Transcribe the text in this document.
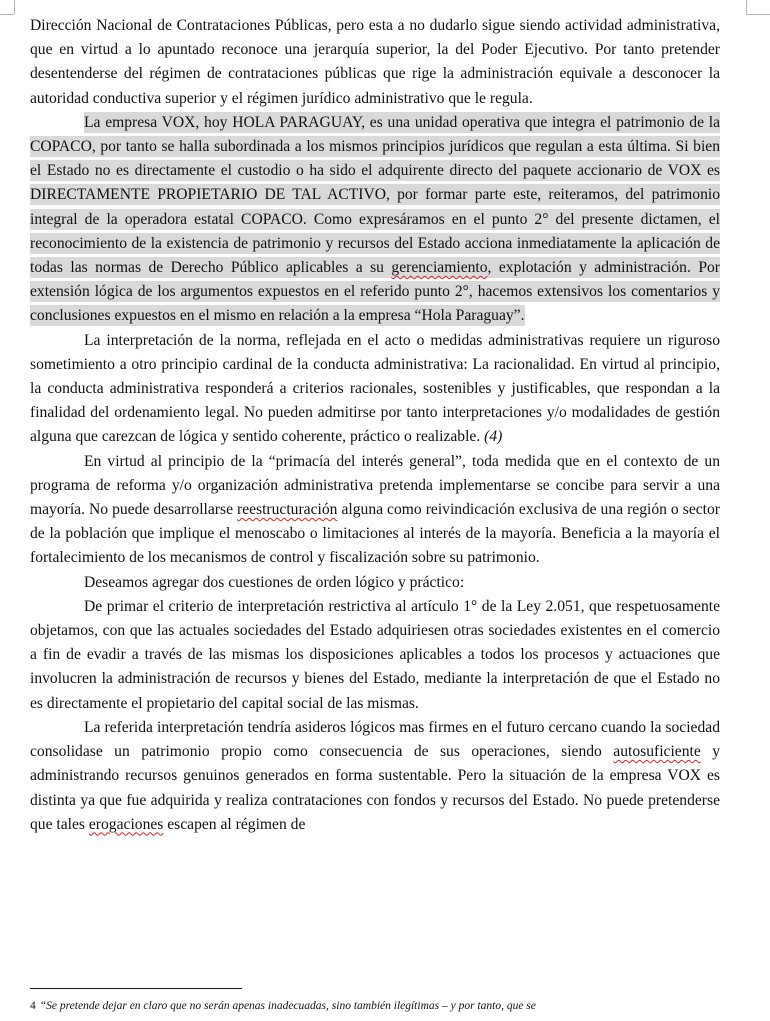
Dirección Nacional de Contrataciones Públicas, pero esta a no dudarlo sigue siendo actividad administrativa, que en virtud a lo apuntado reconoce una jerarquía superior, la del Poder Ejecutivo. Por tanto pretender desentenderse del régimen de contrataciones públicas que rige la administración equivale a desconocer la autoridad conductiva superior y el régimen jurídico administrativo que le regula.

La empresa VOX, hoy HOLA PARAGUAY, es una unidad operativa que integra el patrimonio de la COPACO, por tanto se halla subordinada a los mismos principios jurídicos que regulan a esta última. Si bien el Estado no es directamente el custodio o ha sido el adquirente directo del paquete accionario de VOX es DIRECTAMENTE PROPIETARIO DE TAL ACTIVO, por formar parte este, reiteramos, del patrimonio integral de la operadora estatal COPACO. Como expresáramos en el punto 2° del presente dictamen, el reconocimiento de la existencia de patrimonio y recursos del Estado acciona inmediatamente la aplicación de todas las normas de Derecho Público aplicables a su gerenciamiento, explotación y administración. Por extensión lógica de los argumentos expuestos en el referido punto 2°, hacemos extensivos los comentarios y conclusiones expuestos en el mismo en relación a la empresa “Hola Paraguay”.

La interpretación de la norma, reflejada en el acto o medidas administrativas requiere un riguroso sometimiento a otro principio cardinal de la conducta administrativa: La racionalidad. En virtud al principio, la conducta administrativa responderá a criterios racionales, sostenibles y justificables, que respondan a la finalidad del ordenamiento legal. No pueden admitirse por tanto interpretaciones y/o modalidades de gestión alguna que carezcan de lógica y sentido coherente, práctico o realizable. (4)

En virtud al principio de la “primacía del interés general”, toda medida que en el contexto de un programa de reforma y/o organización administrativa pretenda implementarse se concibe para servir a una mayoría. No puede desarrollarse reestructuración alguna como reivindicación exclusiva de una región o sector de la población que implique el menoscabo o limitaciones al interés de la mayoría. Beneficia a la mayoría el fortalecimiento de los mecanismos de control y fiscalización sobre su patrimonio.

Deseamos agregar dos cuestiones de orden lógico y práctico:

De primar el criterio de interpretación restrictiva al artículo 1° de la Ley 2.051, que respetuosamente objetamos, con que las actuales sociedades del Estado adquiriesen otras sociedades existentes en el comercio a fin de evadir a través de las mismas los disposiciones aplicables a todos los procesos y actuaciones que involucren la administración de recursos y bienes del Estado, mediante la interpretación de que el Estado no es directamente el propietario del capital social de las mismas.

La referida interpretación tendría asideros lógicos mas firmes en el futuro cercano cuando la sociedad consolidase un patrimonio propio como consecuencia de sus operaciones, siendo autosuficiente y administrando recursos genuinos generados en forma sustentable. Pero la situación de la empresa VOX es distinta ya que fue adquirida y realiza contrataciones con fondos y recursos del Estado. No puede pretenderse que tales erogaciones escapen al régimen de

4 “Se pretende dejar en claro que no serán apenas inadecuadas, sino también ilegítimas – y por tanto, que se
